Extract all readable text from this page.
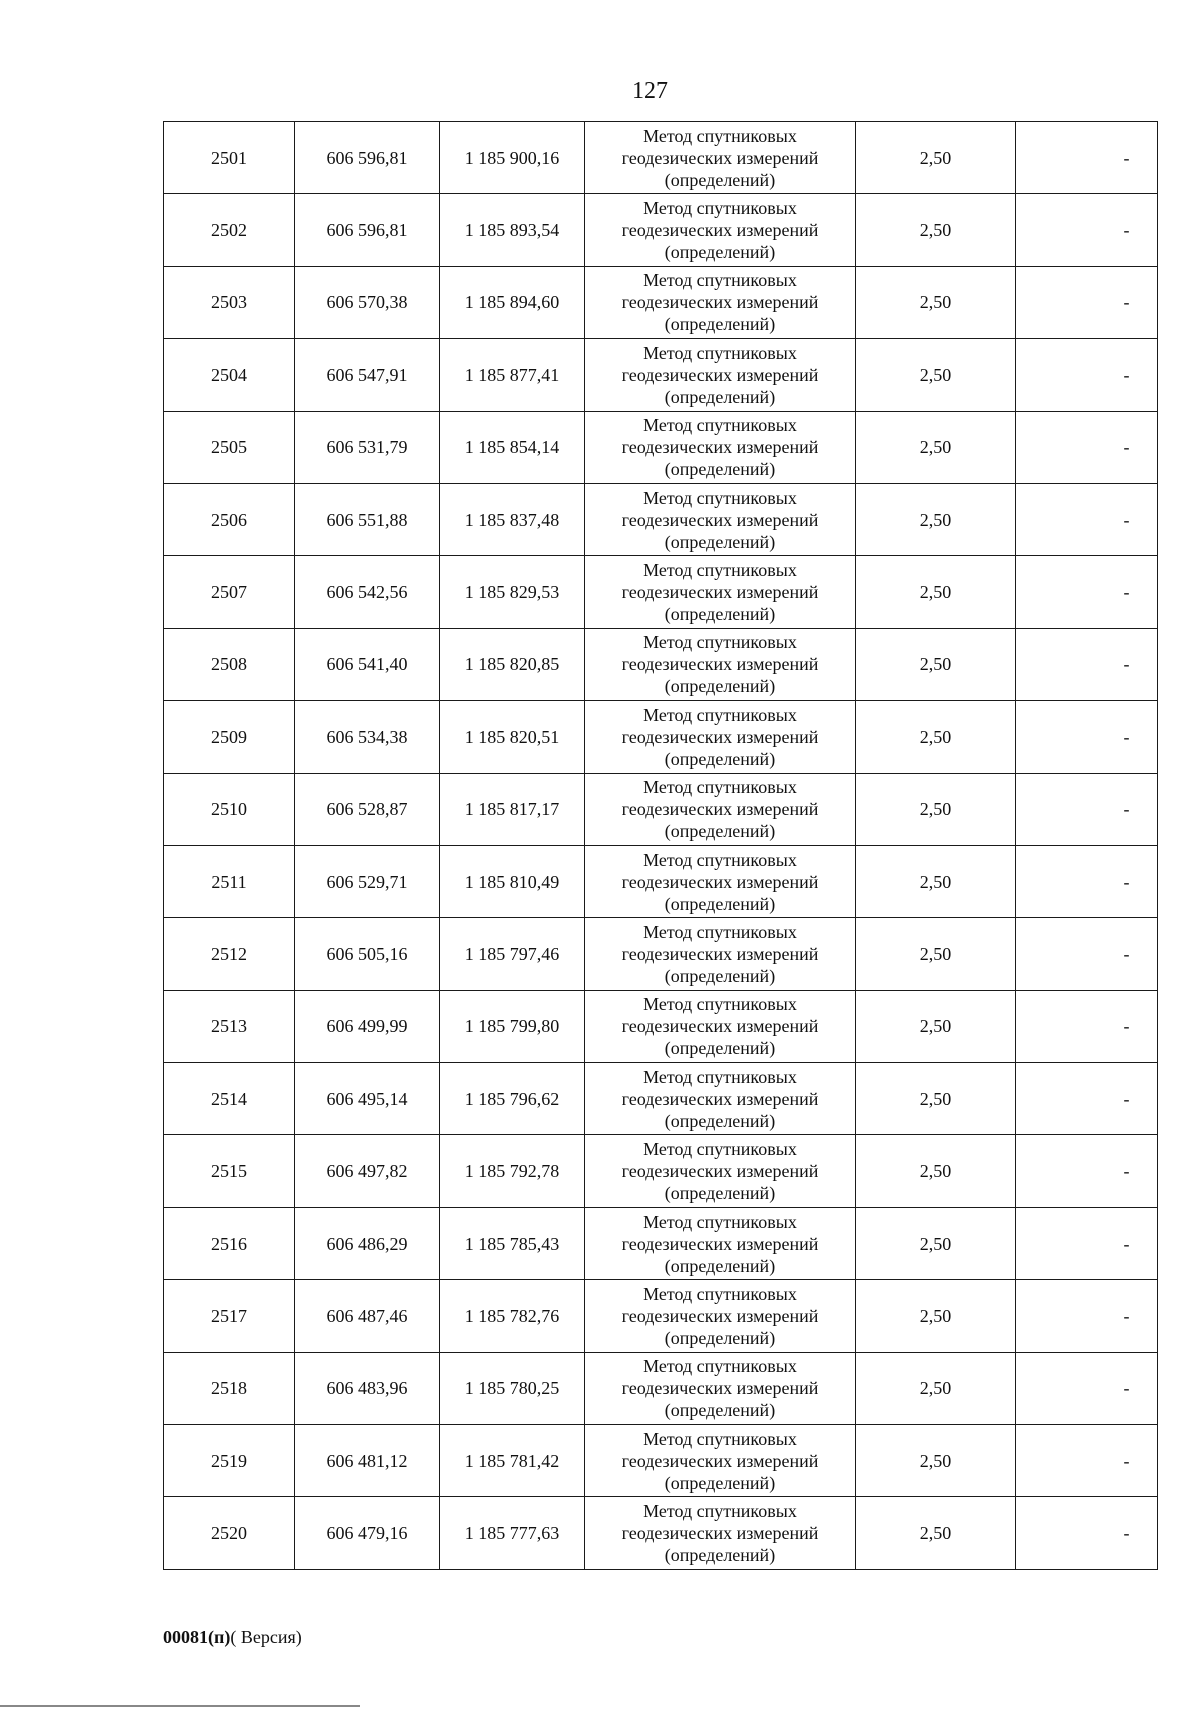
127
2501	606 596,81	1 185 900,16	Метод спутниковых
геодезических измерений
(определений)	2,50	-
2502	606 596,81	1 185 893,54	Метод спутниковых
геодезических измерений
(определений)	2,50	-
2503	606 570,38	1 185 894,60	Метод спутниковых
геодезических измерений
(определений)	2,50	-
2504	606 547,91	1 185 877,41	Метод спутниковых
геодезических измерений
(определений)	2,50	-
2505	606 531,79	1 185 854,14	Метод спутниковых
геодезических измерений
(определений)	2,50	-
2506	606 551,88	1 185 837,48	Метод спутниковых
геодезических измерений
(определений)	2,50	-
2507	606 542,56	1 185 829,53	Метод спутниковых
геодезических измерений
(определений)	2,50	-
2508	606 541,40	1 185 820,85	Метод спутниковых
геодезических измерений
(определений)	2,50	-
2509	606 534,38	1 185 820,51	Метод спутниковых
геодезических измерений
(определений)	2,50	-
2510	606 528,87	1 185 817,17	Метод спутниковых
геодезических измерений
(определений)	2,50	-
2511	606 529,71	1 185 810,49	Метод спутниковых
геодезических измерений
(определений)	2,50	-
2512	606 505,16	1 185 797,46	Метод спутниковых
геодезических измерений
(определений)	2,50	-
2513	606 499,99	1 185 799,80	Метод спутниковых
геодезических измерений
(определений)	2,50	-
2514	606 495,14	1 185 796,62	Метод спутниковых
геодезических измерений
(определений)	2,50	-
2515	606 497,82	1 185 792,78	Метод спутниковых
геодезических измерений
(определений)	2,50	-
2516	606 486,29	1 185 785,43	Метод спутниковых
геодезических измерений
(определений)	2,50	-
2517	606 487,46	1 185 782,76	Метод спутниковых
геодезических измерений
(определений)	2,50	-
2518	606 483,96	1 185 780,25	Метод спутниковых
геодезических измерений
(определений)	2,50	-
2519	606 481,12	1 185 781,42	Метод спутниковых
геодезических измерений
(определений)	2,50	-
2520	606 479,16	1 185 777,63	Метод спутниковых
геодезических измерений
(определений)	2,50	-
00081(п)( Версия)
